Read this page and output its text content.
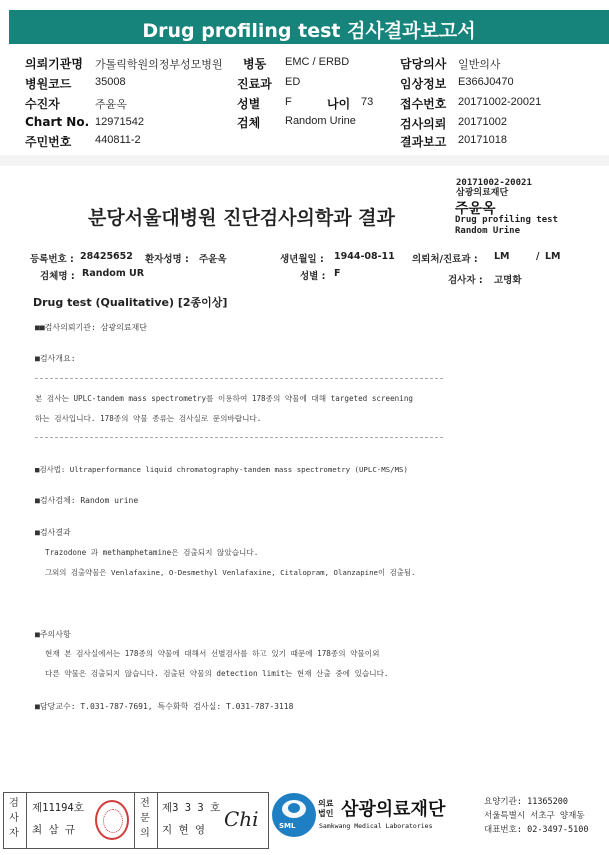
Drug profiling test 검사결과보고서
의뢰기관명 가톨릭학원의정부성모병원 병동 EMC / ERBD	담당의사 일반의사
병원코드 35008	진료과 ED	임상정보 E366J0470
수진자	주윤옥	성별 F	나이 73 접수번호 20171002-20021
Chart No. 12971542	검체 Random Urine	검사의뢰 20171002
주민번호 440811-2	결과보고 20171018
분당서울대병원 진단검사의학과 결과
20171002-20021
삼광의료재단
주윤옥
Drug profiling test
Random Urine
등록번호 : 28425652 환자성명 : 주윤옥	생년월일 : 1944-08-11 의뢰처/진료과 : LM	/ LM
검체명 : Random UR	성별 : F
검사자 : 고명화
Drug test (Qualitative) [2종이상]
■■검사의뢰기관: 삼광의료재단
■검사개요:
본 검사는 UPLC-tandem mass spectrometry를 이용하여 178종의 약물에 대해 targeted screening
하는 검사입니다. 178종의 약물 종류는 검사실로 문의바랍니다.
■검사법: Ultraperformance liquid chromatography-tandem mass spectrometry (UPLC-MS/MS)
■검사검체: Random urine
■검사결과
Trazodone 과 methamphetamine은 검출되지 않았습니다.
그외의 검출약물은 Venlafaxine, O-Desmethyl Venlafaxine, Citalopram, Olanzapine이 검출됨.
■주의사항
현재 본 검사실에서는 178종의 약물에 대해서 선별검사를 하고 있기 때문에 178종의 약물이외
다른 약물은 검출되지 않습니다. 검출된 약물의 detection limit는 현재 산출 중에 있습니다.
■담당교수: T.031-787-7691, 특수화학 검사실: T.031-787-3118
검사자
제11194호
최 삼 규
전문의
제3 3 3 호
지 현 영 Chi	SML
의료
법인 삼광의료재단
Samkwang Medical Laboratories
요양기관: 11365200
서울특별시 서초구 양재동
대표번호: 02-3497-5100
